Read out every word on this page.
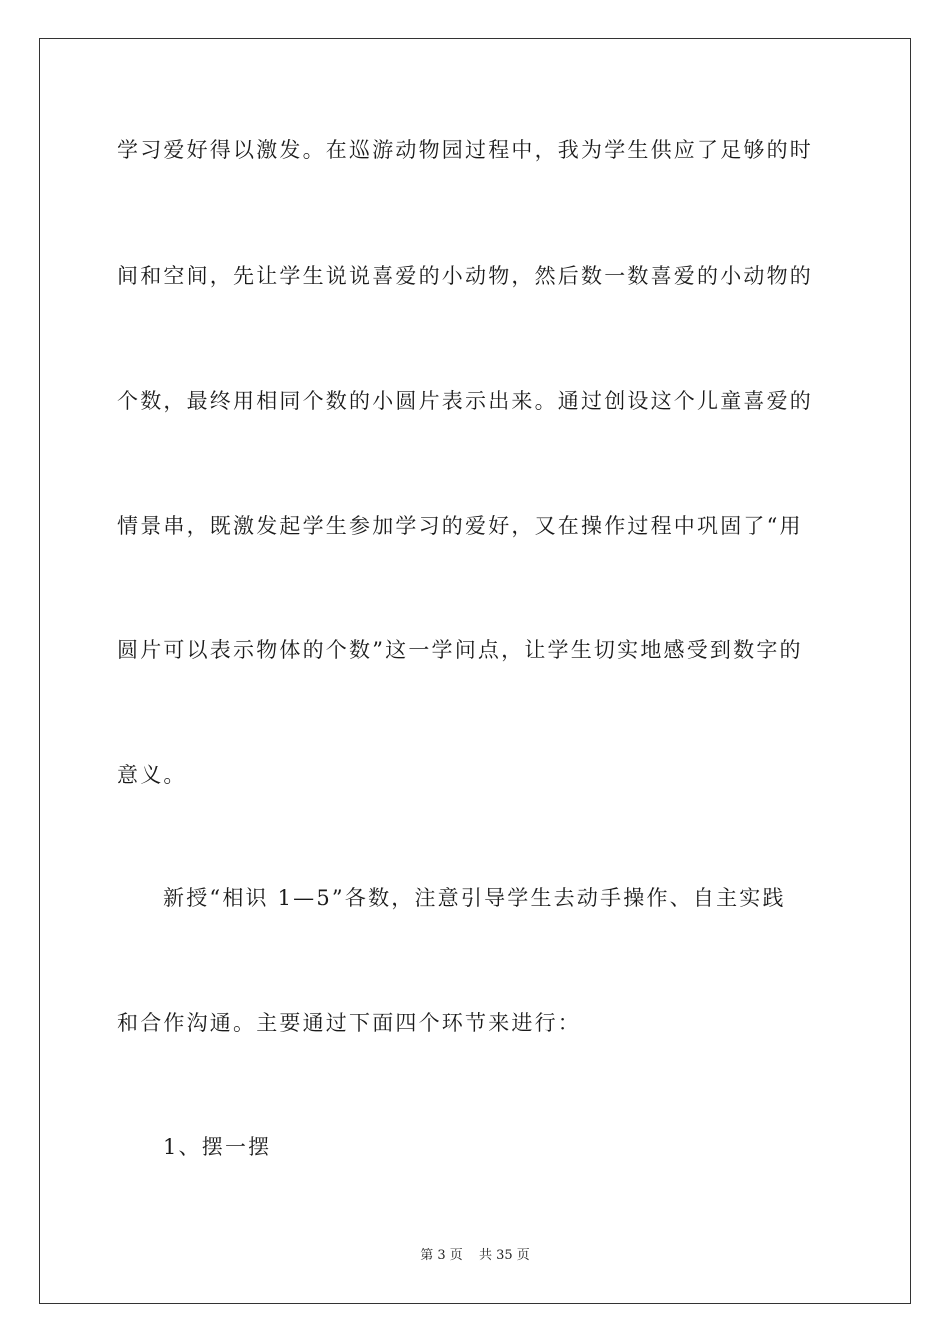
学习爱好得以激发。在巡游动物园过程中，我为学生供应了足够的时
间和空间，先让学生说说喜爱的小动物，然后数一数喜爱的小动物的
个数，最终用相同个数的小圆片表示出来。通过创设这个儿童喜爱的
情景串，既激发起学生参加学习的爱好，又在操作过程中巩固了“用
圆片可以表示物体的个数”这一学问点，让学生切实地感受到数字的
意义。
新授“相识 1—5”各数，注意引导学生去动手操作、自主实践
和合作沟通。主要通过下面四个环节来进行：
1、摆一摆
第 3 页 共 35 页
